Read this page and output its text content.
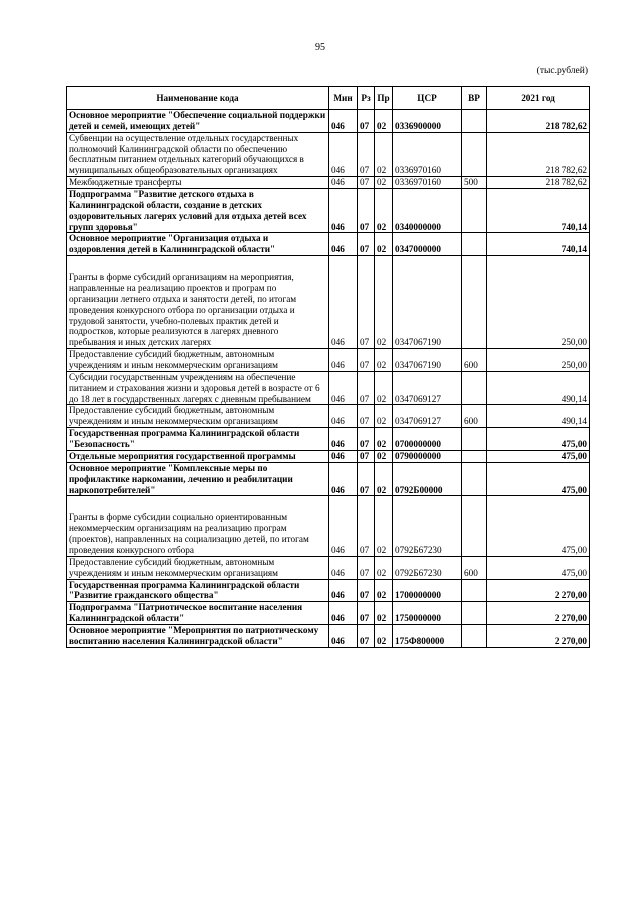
95
(тыс.рублей)
Наименование кода	Мин	Рз	Пр	ЦСР	ВР	2021 год
Основное мероприятие "Обеспечение социальной поддержки детей и семей, имеющих детей"	046	07	02	0336900000		218 782,62
Субвенции на осуществление отдельных государственных полномочий Калининградской области по обеспечению бесплатным питанием отдельных категорий обучающихся в муниципальных общеобразовательных организациях	046	07	02	0336970160		218 782,62
Межбюджетные трансферты	046	07	02	0336970160	500	218 782,62
Подпрограмма "Развитие детского отдыха в Калининградской области, создание в детских оздоровительных лагерях условий для отдыха детей всех групп здоровья"	046	07	02	0340000000		740,14
Основное мероприятие "Организация отдыха и оздоровления детей в Калининградской области"	046	07	02	0347000000		740,14
Гранты в форме субсидий организациям на мероприятия, направленные на реализацию проектов и програм по организации летнего отдыха и занятости детей, по итогам проведения конкурсного отбора по организации отдыха и трудовой занятости, учебно-полевых практик детей и подростков, которые реализуются в лагерях дневного пребывания и иных детских лагерях	046	07	02	0347067190		250,00
Предоставление субсидий бюджетным, автономным учреждениям и иным некоммерческим организациям	046	07	02	0347067190	600	250,00
Субсидии государственным учреждениям на обеспечение питанием и страхования жизни и здоровья детей в возрасте от 6 до 18 лет в государственных лагерях с дневным пребыванием	046	07	02	0347069127		490,14
Предоставление субсидий бюджетным, автономным учреждениям и иным некоммерческим организациям	046	07	02	0347069127	600	490,14
Государственная программа Калининградской области "Безопасность"	046	07	02	0700000000		475,00
Отдельные мероприятия государственной программы	046	07	02	0790000000		475,00
Основное мероприятие "Комплексные меры по профилактике наркомании, лечению и реабилитации наркопотребителей"	046	07	02	0792Б00000		475,00
Гранты в форме субсидии социально ориентированным некоммерческим организациям на реализацию програм (проектов), направленных на социализацию детей, по итогам проведения конкурсного отбора	046	07	02	0792Б67230		475,00
Предоставление субсидий бюджетным, автономным учреждениям и иным некоммерческим организациям	046	07	02	0792Б67230	600	475,00
Государственная программа Калининградской области "Развитие гражданского общества"	046	07	02	1700000000		2 270,00
Подпрограмма "Патриотическое воспитание населения Калининградской области"	046	07	02	1750000000		2 270,00
Основное мероприятие "Мероприятия по патриотическому воспитанию населения Калининградской области"	046	07	02	175Ф800000		2 270,00
